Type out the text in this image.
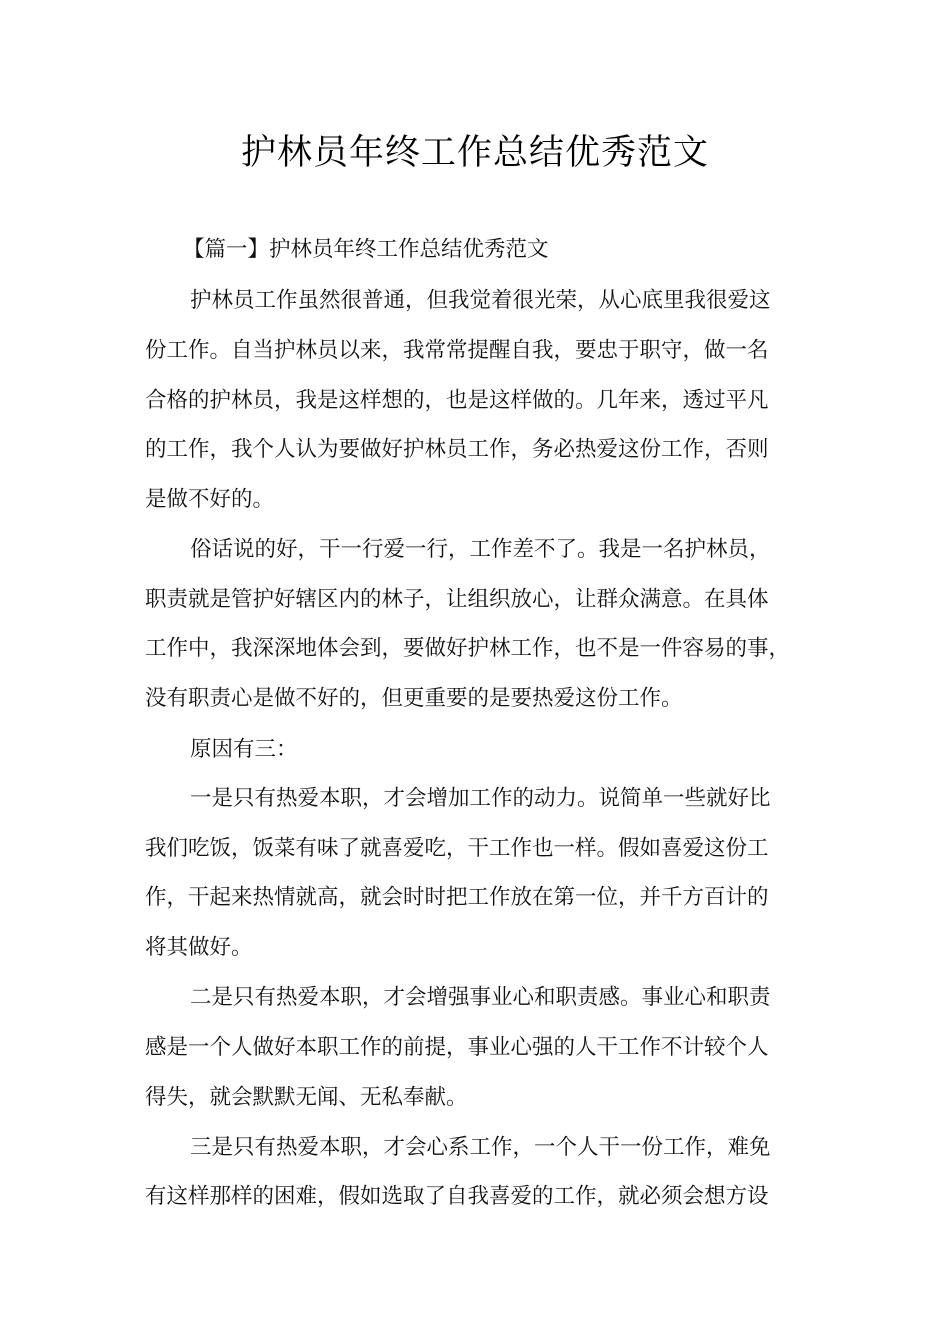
护林员年终工作总结优秀范文

【篇一】护林员年终工作总结优秀范文

护林员工作虽然很普通，但我觉着很光荣，从心底里我很爱这

份工作。自当护林员以来，我常常提醒自我，要忠于职守，做一名

合格的护林员，我是这样想的，也是这样做的。几年来，透过平凡

的工作，我个人认为要做好护林员工作，务必热爱这份工作，否则

是做不好的。

俗话说的好，干一行爱一行，工作差不了。我是一名护林员，

职责就是管护好辖区内的林子，让组织放心，让群众满意。在具体

工作中，我深深地体会到，要做好护林工作，也不是一件容易的事，

没有职责心是做不好的，但更重要的是要热爱这份工作。

原因有三：

一是只有热爱本职，才会增加工作的动力。说简单一些就好比

我们吃饭，饭菜有味了就喜爱吃，干工作也一样。假如喜爱这份工

作，干起来热情就高，就会时时把工作放在第一位，并千方百计的

将其做好。

二是只有热爱本职，才会增强事业心和职责感。事业心和职责

感是一个人做好本职工作的前提，事业心强的人干工作不计较个人

得失，就会默默无闻、无私奉献。

三是只有热爱本职，才会心系工作，一个人干一份工作，难免

有这样那样的困难，假如选取了自我喜爱的工作，就必须会想方设
